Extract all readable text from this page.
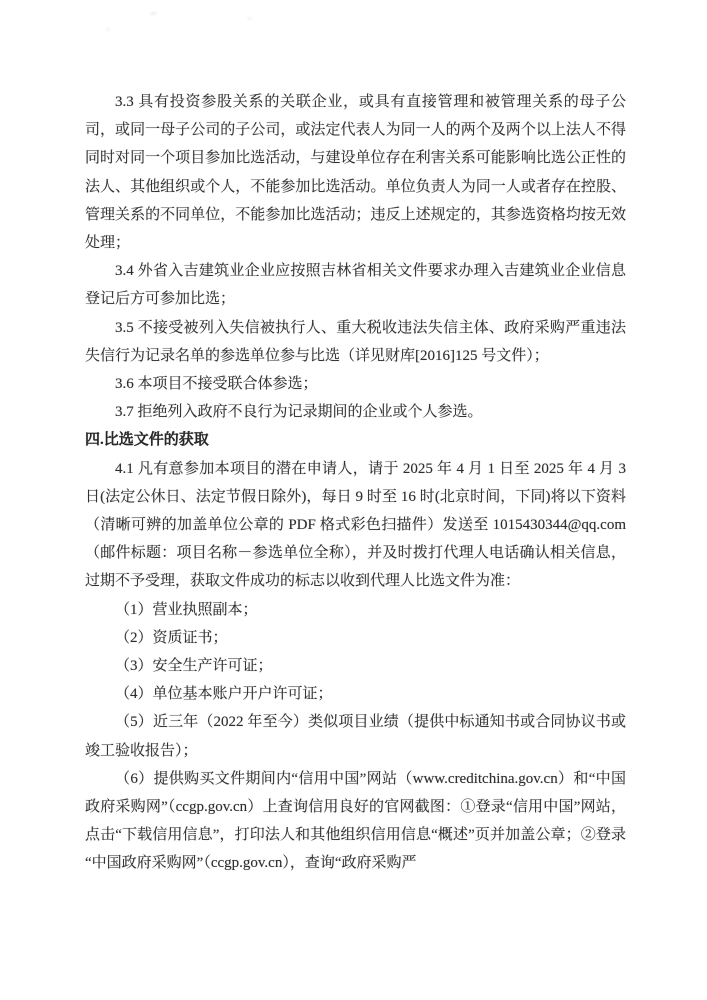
3.3 具有投资参股关系的关联企业，或具有直接管理和被管理关系的母子公司，或同一母子公司的子公司，或法定代表人为同一人的两个及两个以上法人不得同时对同一个项目参加比选活动，与建设单位存在利害关系可能影响比选公正性的法人、其他组织或个人，不能参加比选活动。单位负责人为同一人或者存在控股、管理关系的不同单位，不能参加比选活动；违反上述规定的，其参选资格均按无效处理；

3.4 外省入吉建筑业企业应按照吉林省相关文件要求办理入吉建筑业企业信息登记后方可参加比选；

3.5 不接受被列入失信被执行人、重大税收违法失信主体、政府采购严重违法失信行为记录名单的参选单位参与比选（详见财库[2016]125 号文件）；

3.6 本项目不接受联合体参选；

3.7 拒绝列入政府不良行为记录期间的企业或个人参选。

四.比选文件的获取

4.1 凡有意参加本项目的潜在申请人，请于 2025 年 4 月 1 日至 2025 年 4 月 3 日(法定公休日、法定节假日除外)，每日 9 时至 16 时(北京时间，下同)将以下资料（清晰可辨的加盖单位公章的 PDF 格式彩色扫描件）发送至 1015430344@qq.com（邮件标题：项目名称－参选单位全称），并及时拨打代理人电话确认相关信息，过期不予受理，获取文件成功的标志以收到代理人比选文件为准：

（1）营业执照副本；

（2）资质证书；

（3）安全生产许可证；

（4）单位基本账户开户许可证；

（5）近三年（2022 年至今）类似项目业绩（提供中标通知书或合同协议书或竣工验收报告）；

（6）提供购买文件期间内“信用中国”网站（www.creditchina.gov.cn）和“中国政府采购网”（ccgp.gov.cn）上查询信用良好的官网截图：①登录“信用中国”网站，点击“下载信用信息”，打印法人和其他组织信用信息“概述”页并加盖公章；②登录“中国政府采购网”（ccgp.gov.cn），查询“政府采购严
